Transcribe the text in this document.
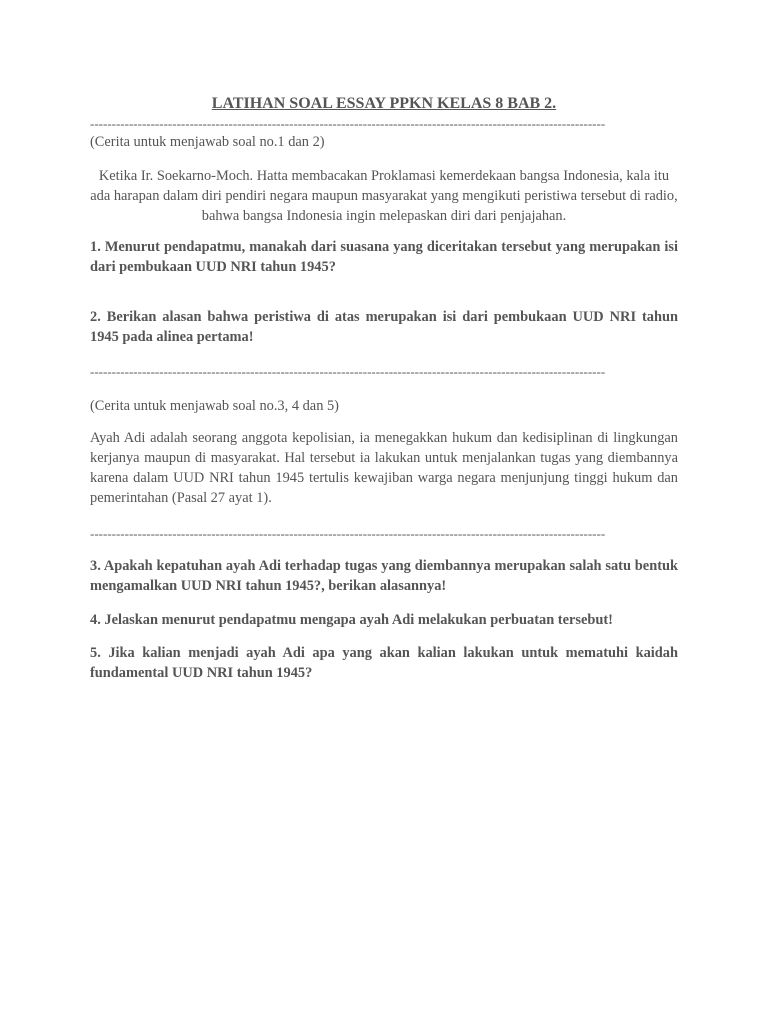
LATIHAN SOAL ESSAY PPKN KELAS 8 BAB 2.
-----------------------------------------------------------------------------------------------------------------------
(Cerita untuk menjawab soal no.1 dan 2)
Ketika Ir. Soekarno-Moch. Hatta membacakan Proklamasi kemerdekaan bangsa Indonesia, kala itu ada harapan dalam diri pendiri negara maupun masyarakat yang mengikuti peristiwa tersebut di radio, bahwa bangsa Indonesia ingin melepaskan diri dari penjajahan.
1. Menurut pendapatmu, manakah dari suasana yang diceritakan tersebut yang merupakan isi dari pembukaan UUD NRI tahun 1945?
2. Berikan alasan bahwa peristiwa di atas merupakan isi dari pembukaan UUD NRI tahun 1945 pada alinea pertama!
-----------------------------------------------------------------------------------------------------------------------
(Cerita untuk menjawab soal no.3, 4 dan 5)
Ayah Adi adalah seorang anggota kepolisian, ia menegakkan hukum dan kedisiplinan di lingkungan kerjanya maupun di masyarakat. Hal tersebut ia lakukan untuk menjalankan tugas yang diembannya karena dalam UUD NRI tahun 1945 tertulis kewajiban warga negara menjunjung tinggi hukum dan pemerintahan (Pasal 27 ayat 1).
-----------------------------------------------------------------------------------------------------------------------
3. Apakah kepatuhan ayah Adi terhadap tugas yang diembannya merupakan salah satu bentuk mengamalkan UUD NRI tahun 1945?, berikan alasannya!
4. Jelaskan menurut pendapatmu mengapa ayah Adi melakukan perbuatan tersebut!
5. Jika kalian menjadi ayah Adi apa yang akan kalian lakukan untuk mematuhi kaidah fundamental UUD NRI tahun 1945?
